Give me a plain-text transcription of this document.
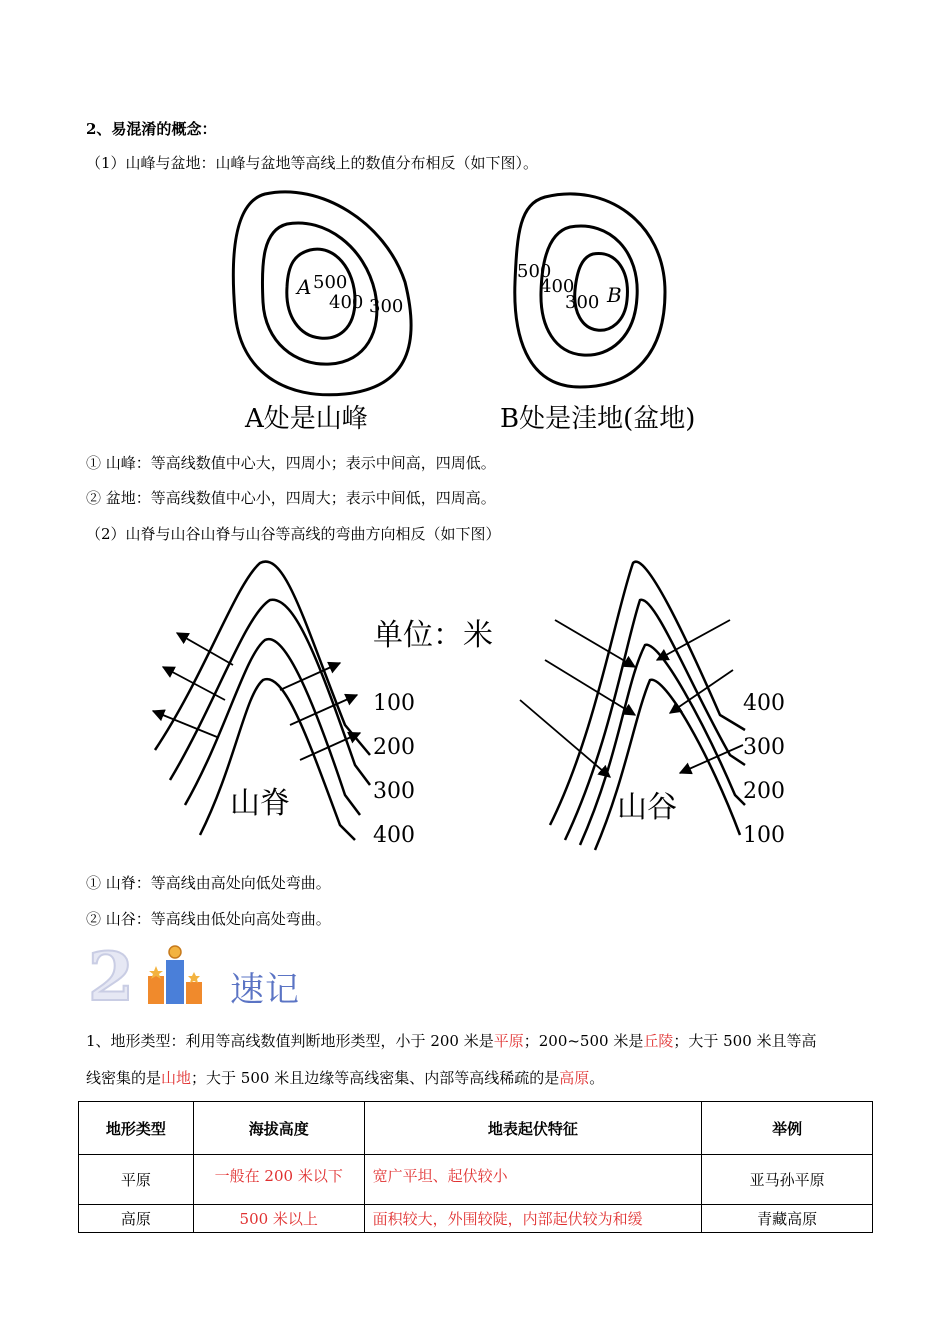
2、易混淆的概念：
（1）山峰与盆地：山峰与盆地等高线上的数值分布相反（如下图）。
A 500
400 300
A处是山峰
500
400
300 B
B处是洼地(盆地)
① 山峰：等高线数值中心大，四周小；表示中间高，四周低。
② 盆地：等高线数值中心小，四周大；表示中间低，四周高。
（2）山脊与山谷山脊与山谷等高线的弯曲方向相反（如下图）
山脊
100
200
300
400
单位：米
山谷
400
300
200
100
① 山脊：等高线由高处向低处弯曲。
② 山谷：等高线由低处向高处弯曲。
2	速记
1、地形类型：利用等高线数值判断地形类型，小于 200 米是平原；200~500 米是丘陵；大于 500 米且等高
线密集的是山地；大于 500 米且边缘等高线密集、内部等高线稀疏的是高原。
地形类型	海拔高度	地表起伏特征	举例
平原	一般在 200 米以下	宽广平坦、起伏较小	亚马孙平原
高原	500 米以上	面积较大，外围较陡，内部起伏较为和缓	青藏高原
